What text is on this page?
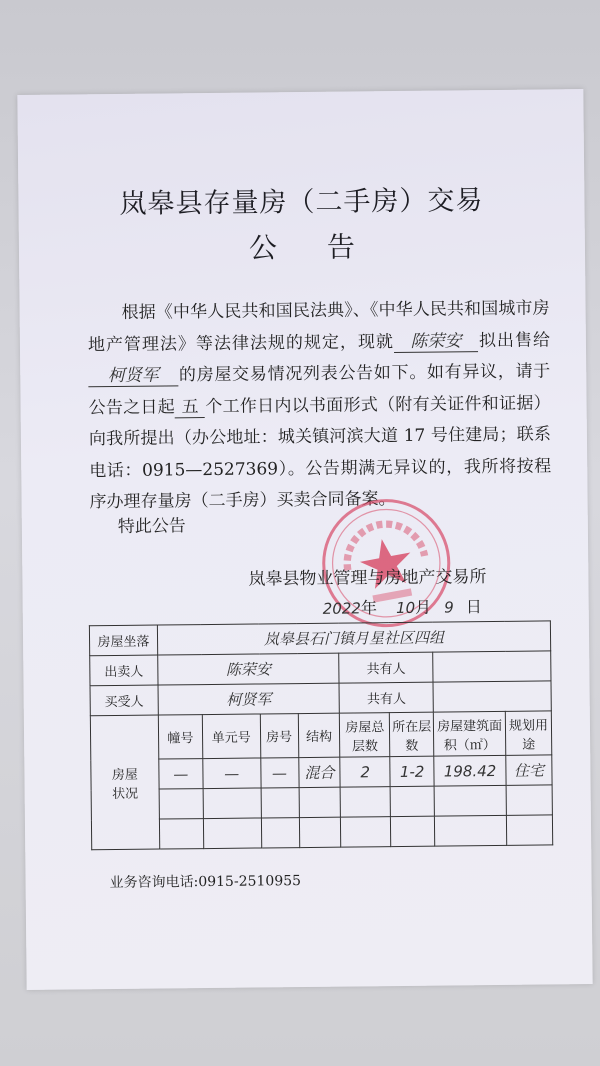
岚皋县存量房（二手房）交易
公告

根据《中华人民共和国民法典》、《中华人民共和国城市房地产管理法》等法律法规的规定，现就 陈荣安 拟出售给柯贤军 的房屋交易情况列表公告如下。如有异议，请于公告之日起 五 个工作日内以书面形式（附有关证件和证据）向我所提出（办公地址：城关镇河滨大道 17 号住建局；联系电话：0915—2527369）。公告期满无异议的，我所将按程序办理存量房（二手房）买卖合同备案。

特此公告

岚皋县物业管理与房地产交易所

2022年 10月 9 日
房屋坐落	岚皋县石门镇月星社区四组							
出卖人	陈荣安				共有人			
买受人	柯贤军				共有人			
房屋状况	幢号	单元号	房号	结构	房屋总层数	所在层数	房屋建筑面积（㎡）	规划用途
	—	—	—	混合	2	1-2	198.42	住宅

业务咨询电话:0915-2510955
